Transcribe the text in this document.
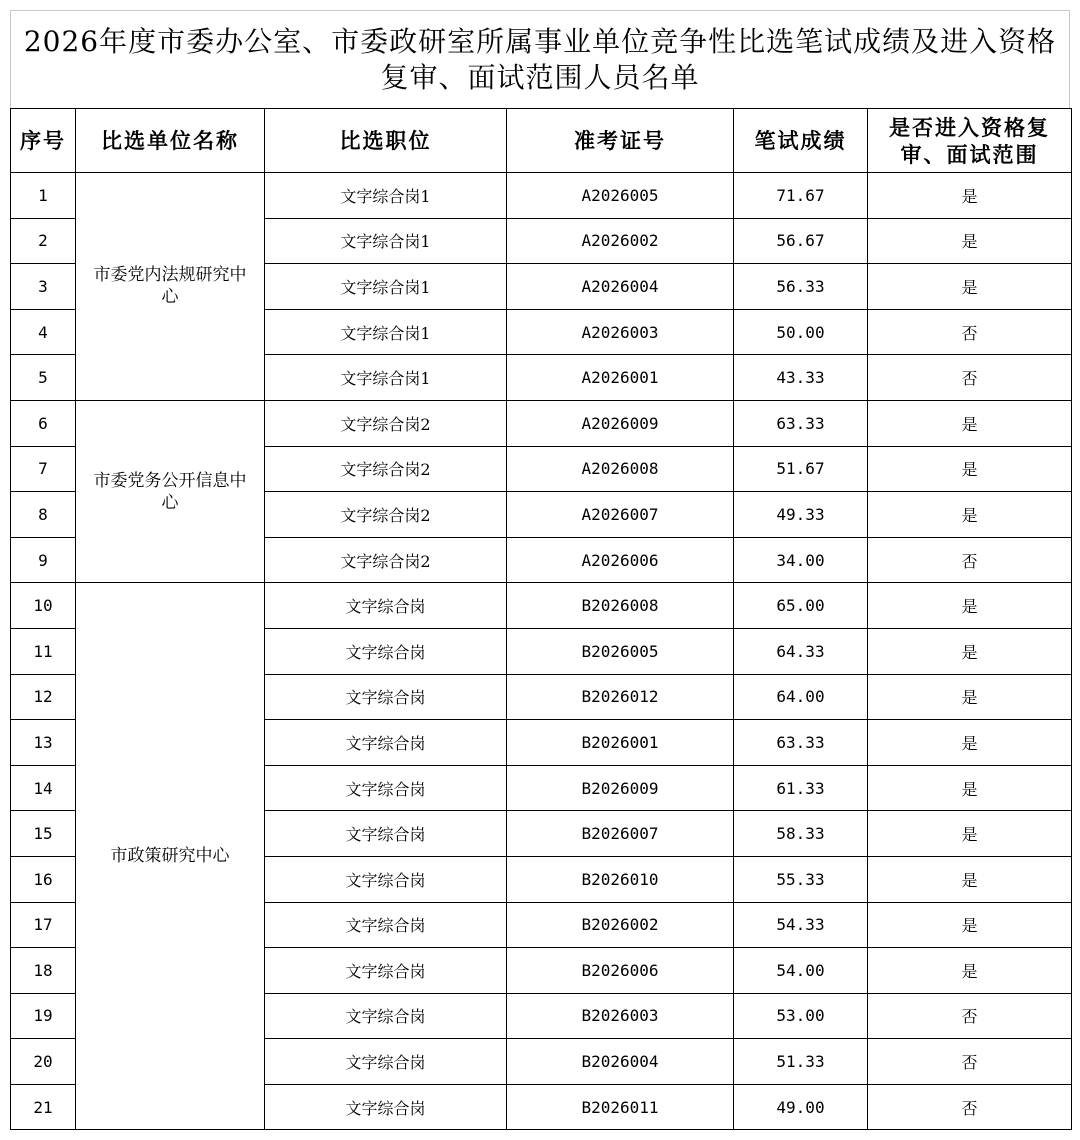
2026年度市委办公室、市委政研室所属事业单位竞争性比选笔试成绩及进入资格
复审、面试范围人员名单
序号	比选单位名称	比选职位	准考证号	笔试成绩	是否进入资格复审、面试范围
1	市委党内法规研究中心	文字综合岗1	A2026005	71.67	是
2		文字综合岗1	A2026002	56.67	是
3		文字综合岗1	A2026004	56.33	是
4		文字综合岗1	A2026003	50.00	否
5		文字综合岗1	A2026001	43.33	否
6	市委党务公开信息中心	文字综合岗2	A2026009	63.33	是
7		文字综合岗2	A2026008	51.67	是
8		文字综合岗2	A2026007	49.33	是
9		文字综合岗2	A2026006	34.00	否
10	市政策研究中心	文字综合岗	B2026008	65.00	是
11		文字综合岗	B2026005	64.33	是
12		文字综合岗	B2026012	64.00	是
13		文字综合岗	B2026001	63.33	是
14		文字综合岗	B2026009	61.33	是
15		文字综合岗	B2026007	58.33	是
16		文字综合岗	B2026010	55.33	是
17		文字综合岗	B2026002	54.33	是
18		文字综合岗	B2026006	54.00	是
19		文字综合岗	B2026003	53.00	否
20		文字综合岗	B2026004	51.33	否
21		文字综合岗	B2026011	49.00	否
